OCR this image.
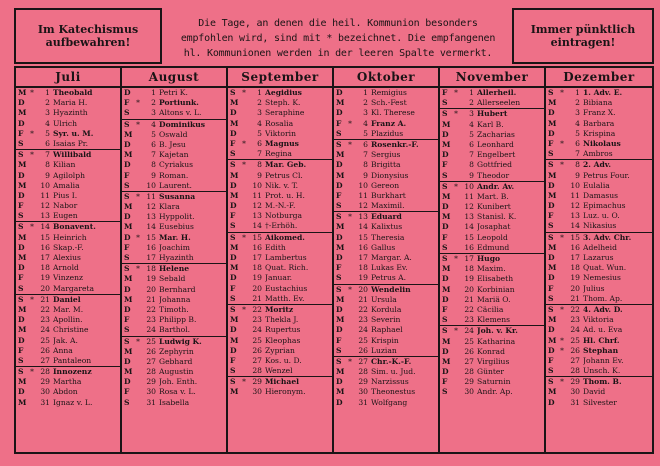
Im Katechismus aufbewahren!
Die Tage, an denen die heil. Kommunion besonders
empfohlen wird, sind mit * bezeichnet. Die empfangenen
hl. Kommunionen werden in der leeren Spalte vermerkt.
Immer pünktlich eintragen!
Juli
M *	1 Theobald
D	2 Maria H.
M	3 Hyazinth
D	4 Ulrich
F *	5 Syr. u. M.
S	6 Isaias Pr.
S *	7 Willibald
M	8 Kilian
D	9 Agilolph
M	10 Amalia
D	11 Pius I.
F	12 Nabor
S	13 Eugen
S * 14 Bonavent.
M	15 Heinrich
D	16 Skap.-F.
M	17 Alexius
D	18 Arnold
F	19 Vinzenz
S	20 Margareta
S * 21 Daniel
M	22 Mar. M.
D	23 Apollin.
M	24 Christine
D	25 Jak. A.
F	26 Anna
S	27 Pantaleon
S * 28 Innozenz
M	29 Martha
D	30 Abdon
M	31 Ignaz v. L.
August
D	1 Petri K.
F *	2 Portiunk.
S	3 Altons v. L.
S *	4 Dominikus
M	5 Oswald
D	6 B. Jesu
M	7 Kajetan
D	8 Cyriakus
F	9 Roman.
S	10 Laurent.
S * 11 Susanna
M	12 Klara
D	13 Hyppolit.
M	14 Eusebius
D * 15 Mar. H.
F	16 Joachim
S	17 Hyazinth
S * 18 Helene
M	19 Sebald
D	20 Bernhard
M	21 Johanna
D	22 Timoth.
F	23 Philipp B.
S	24 Barthol.
S * 25 Ludwig K.
M	26 Zephyrin
D	27 Gebhard
M	28 Augustin
D	29 Joh. Enth.
F	30 Rosa v. L.
S	31 Isabella
September
S *	1 Aegidius
M	2 Steph. K.
D	3 Seraphine
M	4 Rosalia
D	5 Viktorin
F *	6 Magnus
S	7 Regina
S *	8 Mar. Geb.
M	9 Petrus Cl.
D	10 Nik. v. T.
M	11 Prot. u. H.
D	12 M.-N.-F.
F	13 Notburga
S	14 †-Erhöh.
S * 15 Aikomed.
M	16 Edith
D	17 Lambertus
M	18 Quat. Rich.
D	19 Januar.
F	20 Eustachius
S	21 Matth. Ev.
S * 22 Moritz
M	23 Thekla J.
D	24 Rupertus
M	25 Kleophas
D	26 Zyprian
F	27 Kos. u. D.
S	28 Wenzel
S * 29 Michael
M	30 Hieronym.
Oktober
D	1 Remigius
M	2 Sch.-Fest
D	3 Kl. Therese
F *	4 Franz A.
S	5 Plazidus
S *	6 Rosenkr.-F.
M	7 Sergius
D	8 Brigitta
M	9 Dionysius
D	10 Gereon
F	11 Burkhart
S	12 Maximil.
S * 13 Eduard
M	14 Kalixtus
D	15 Theresia
M	16 Gallus
D	17 Margar. A.
F	18 Lukas Ev.
S	19 Petrus A.
S * 20 Wendelin
M	21 Ursula
D	22 Kordula
M	23 Severin
D	24 Raphael
F	25 Krispin
S	26 Luzian
S * 27 Chr.-K.-F.
M	28 Sim. u. Jud.
D	29 Narzissus
M	30 Theonestus
D	31 Wolfgang
November
F *	1 Allerheil.
S	2 Allerseelen
S *	3 Hubert
M	4 Karl B.
D	5 Zacharias
M	6 Leonhard
D	7 Engelbert
F	8 Gottfried
S	9 Theodor
S * 10 Andr. Av.
M	11 Mart. B.
D	12 Kunibert
M	13 Stanisl. K.
D	14 Josaphat
F	15 Leopold
S	16 Edmund
S * 17 Hugo
M	18 Maxim.
D	19 Elisabeth
M	20 Korbinian
D	21 Mariä O.
F	22 Cäcilia
S	23 Klemens
S * 24 Joh. v. Kr.
M	25 Katharina
D	26 Konrad
M	27 Virgilius
D	28 Günter
F	29 Saturnin
S	30 Andr. Ap.
Dezember
S *	1 1. Adv. E.
M	2 Bibiana
D	3 Franz X.
M	4 Barbara
D	5 Krispina
F *	6 Nikolaus
S	7 Ambros
S *	8 2. Adv.
M	9 Petrus Four.
D	10 Eulalia
M	11 Damasus
D	12 Epimachus
F	13 Luz. u. O.
S	14 Nikasius
S * 15 3. Adv. Chr.
M	16 Adelheid
D	17 Lazarus
M	18 Quat. Wun.
D	19 Nemesius
F	20 Julius
S	21 Thom. Ap.
S * 22 4. Adv. D.
M	23 Viktoria
D	24 Ad. u. Eva
M * 25 Hl. Chrf.
D * 26 Stephan
F	27 Johann Ev.
S	28 Unsch. K.
S * 29 Thom. B.
M	30 David
D	31 Silvester
